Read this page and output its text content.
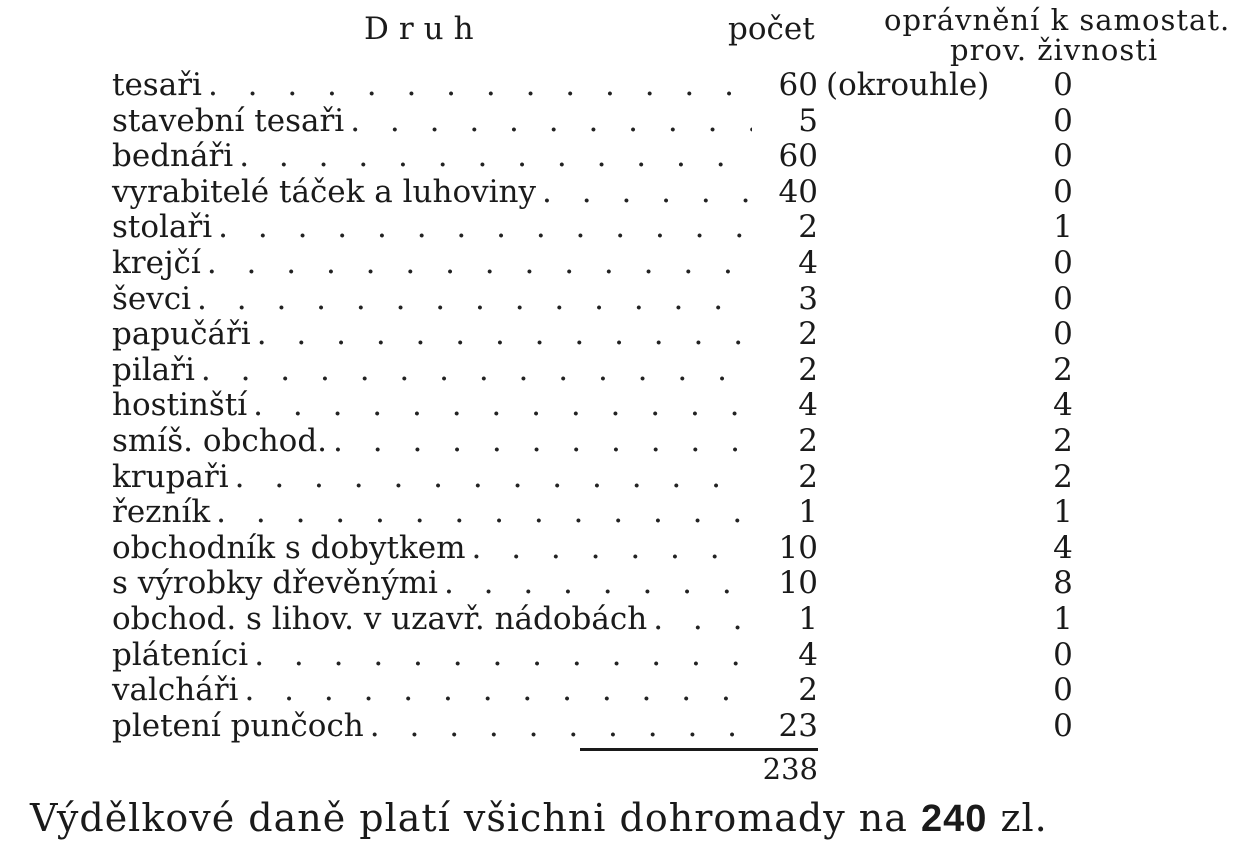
Druh	počet oprávnění k samostat.
prov. živnosti
tesaři . . .	60 (okrouhle) 0
stavební tesaři . . .	5	0
bednáři . . .	60	0
vyrabitelé táček a luhoviny . . .	40	0
stolaři . . .	2	1
krejčí . . .	4	0
ševci . . .	3	0
papučáři . . .	2	0
pilaři . . .	2	2
hostinští . . .	4	4
smíš. obchod. . . .	2	2
krupaři . . .	2	2
řezník . . .	1	1
obchodník s dobytkem . . .	10	4
s výrobky dřevěnými . . .	10	8
obchod. s lihov. v uzavř. nádobách . . .	1	1
pláteníci . . .	4	0
valcháři . . .	2	0
pletení punčoch . . .	23	0
238
Výdělkové daně platí všichni dohromady na 240 zl.
